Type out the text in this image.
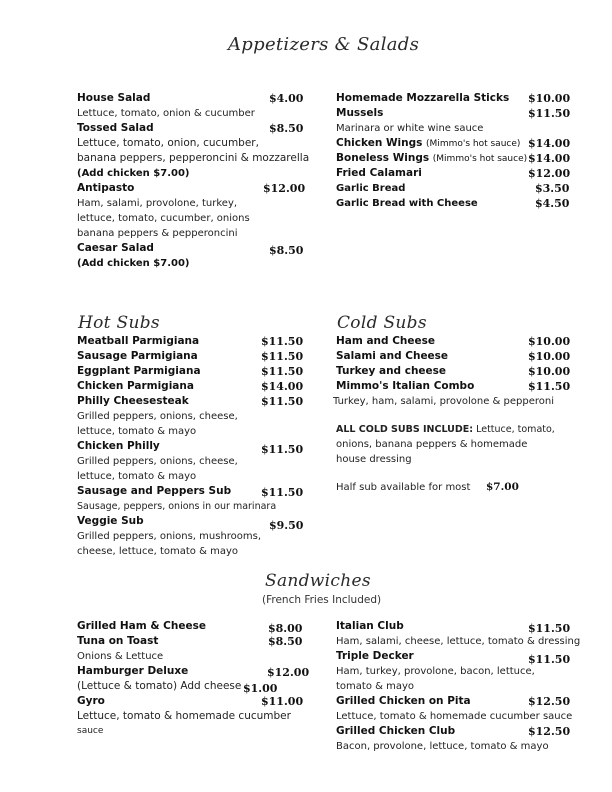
Appetizers & Salads
Hot Subs	Cold Subs
Sandwiches
(French Fries Included)
House Salad	$4.00
Lettuce, tomato, onion & cucumber
Tossed Salad	$8.50
Lettuce, tomato, onion, cucumber,
banana peppers, pepperoncini & mozzarella
(Add chicken $7.00)
Antipasto	$12.00
Ham, salami, provolone, turkey,
lettuce, tomato, cucumber, onions
banana peppers & pepperoncini
Caesar Salad	$8.50
(Add chicken $7.00)
Homemade Mozzarella Sticks $10.00
Mussels	$11.50
Marinara or white wine sauce
Chicken Wings (Mimmo's hot sauce) $14.00
Boneless Wings (Mimmo's hot sauce) $14.00
Fried Calamari	$12.00
Garlic Bread	$3.50
Garlic Bread with Cheese	$4.50
Meatball Parmigiana	$11.50
Sausage Parmigiana	$11.50
Eggplant Parmigiana	$11.50
Chicken Parmigiana	$14.00
Philly Cheesesteak	$11.50
Grilled peppers, onions, cheese,
lettuce, tomato & mayo
Chicken Philly	$11.50
Grilled peppers, onions, cheese,
lettuce, tomato & mayo
Sausage and Peppers Sub	$11.50
Sausage, peppers, onions in our marinara
Veggie Sub	$9.50
Grilled peppers, onions, mushrooms,
cheese, lettuce, tomato & mayo
Ham and Cheese	$10.00
Salami and Cheese	$10.00
Turkey and cheese	$10.00
Mimmo's Italian Combo	$11.50
Turkey, ham, salami, provolone & pepperoni
ALL COLD SUBS INCLUDE: Lettuce, tomato,
onions, banana peppers & homemade
house dressing
Half sub available for most $7.00
Grilled Ham & Cheese	$8.00
Tuna on Toast	$8.50
Onions & Lettuce
Hamburger Deluxe	$12.00
(Lettuce & tomato) Add cheese $1.00
Gyro	$11.00
Lettuce, tomato & homemade cucumber
sauce
Italian Club	$11.50
Ham, salami, cheese, lettuce, tomato & dressing
Triple Decker	$11.50
Ham, turkey, provolone, bacon, lettuce,
tomato & mayo
Grilled Chicken on Pita	$12.50
Lettuce, tomato & homemade cucumber sauce
Grilled Chicken Club	$12.50
Bacon, provolone, lettuce, tomato & mayo
